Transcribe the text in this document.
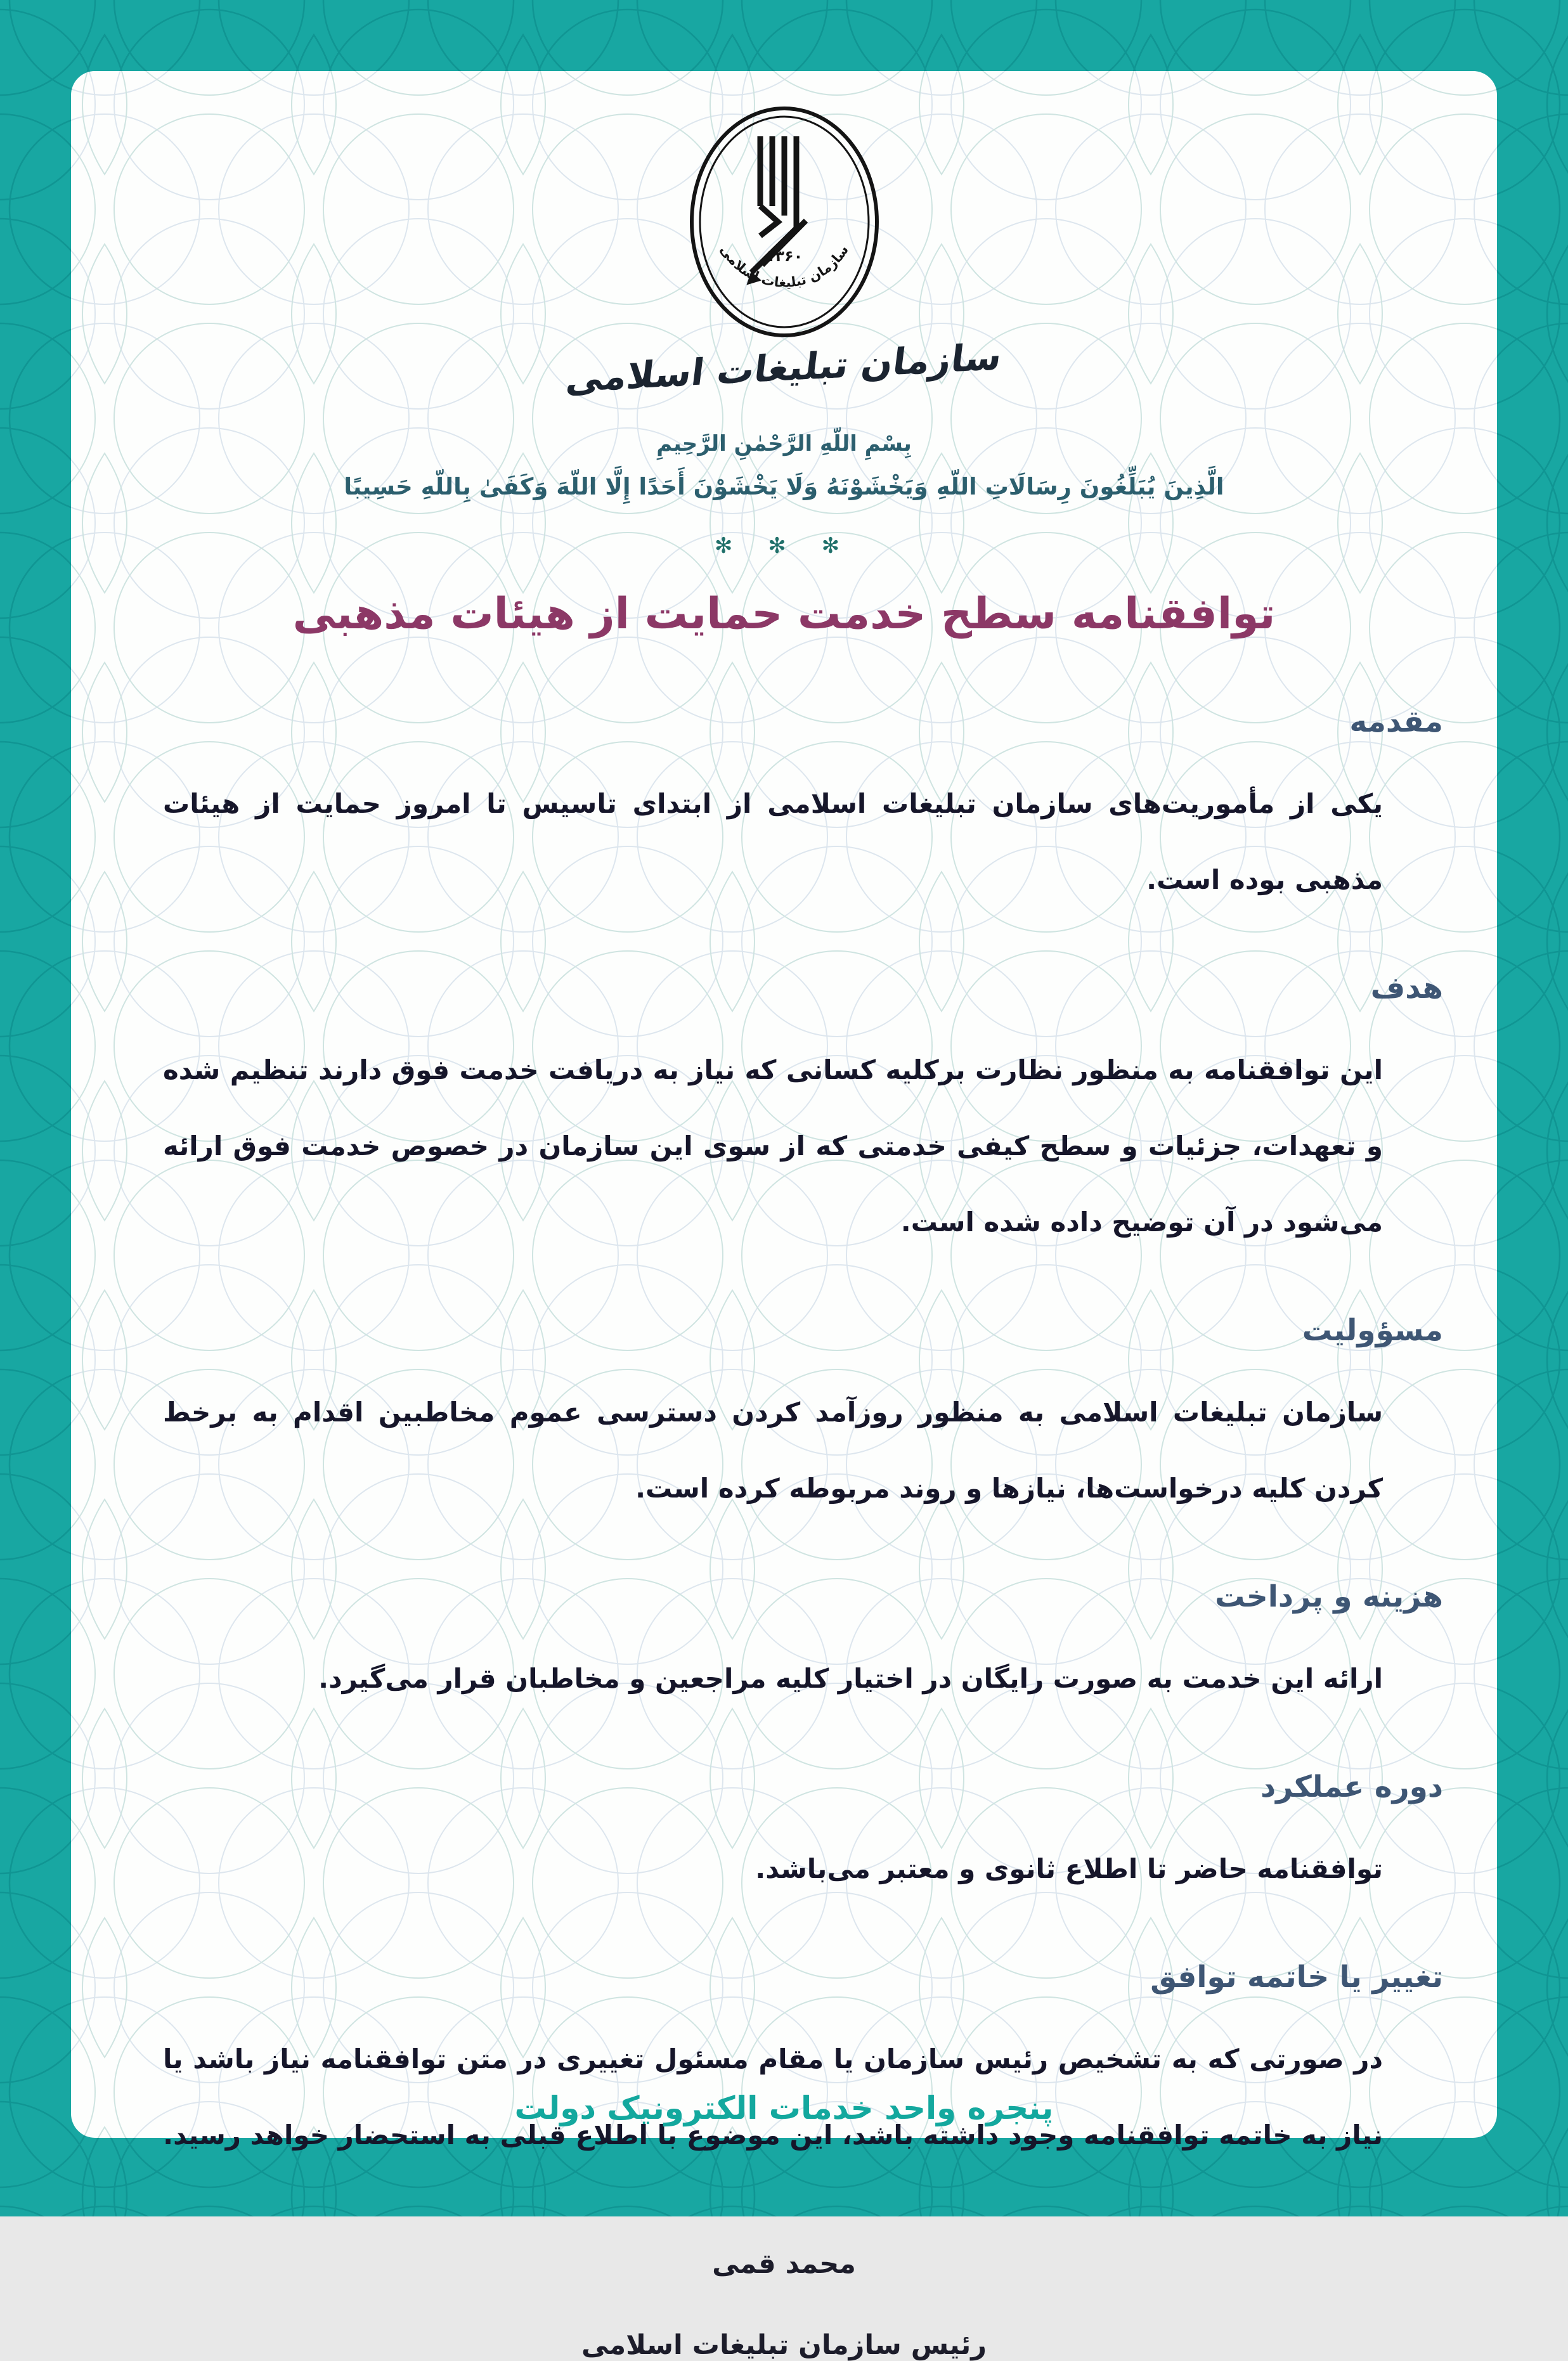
۱۳۶۰
سازمان تبلیغات اسلامی
سازمان تبلیغات اسلامی
بِسْمِ اللّهِ الرَّحْمٰنِ الرَّحِيمِ
الَّذِينَ يُبَلِّغُونَ رِسَالَاتِ اللّهِ وَيَخْشَوْنَهُ وَلَا يَخْشَوْنَ أَحَدًا إِلَّا اللّهَ وَكَفَىٰ بِاللّهِ حَسِيبًا
✻ ✻ ✻
توافقنامه سطح خدمت حمایت از هیئات مذهبی
مقدمه

یکی از مأموریت‌های سازمان تبلیغات اسلامی از ابتدای تاسیس تا امروز حمایت از هیئات مذهبی بوده است.

هدف

این توافقنامه به منظور نظارت برکلیه کسانی که نیاز به دریافت خدمت فوق دارند تنظیم شده و تعهدات، جزئیات و سطح کیفی خدمتی که از سوی این سازمان در خصوص خدمت فوق ارائه می‌شود در آن توضیح داده شده است.

مسؤولیت

سازمان تبلیغات اسلامی به منظور روزآمد کردن دسترسی عموم مخاطبین اقدام به برخط کردن کلیه درخواست‌ها، نیازها و روند مربوطه کرده است.

هزینه و پرداخت

ارائه این خدمت به صورت رایگان در اختیار کلیه مراجعین و مخاطبان قرار می‌گیرد.

دوره عملکرد

توافقنامه حاضر تا اطلاع ثانوی و معتبر می‌باشد.

تغییر یا خاتمه توافق

در صورتی که به تشخیص رئیس سازمان یا مقام مسئول تغییری در متن توافقنامه نیاز باشد یا نیاز به خاتمه توافقنامه وجود داشته باشد، این موضوع با اطلاع قبلی به استحضار خواهد رسید.

محمد قمی
رئیس سازمان تبلیغات اسلامی
پنجره واحد خدمات الکترونیک دولت
